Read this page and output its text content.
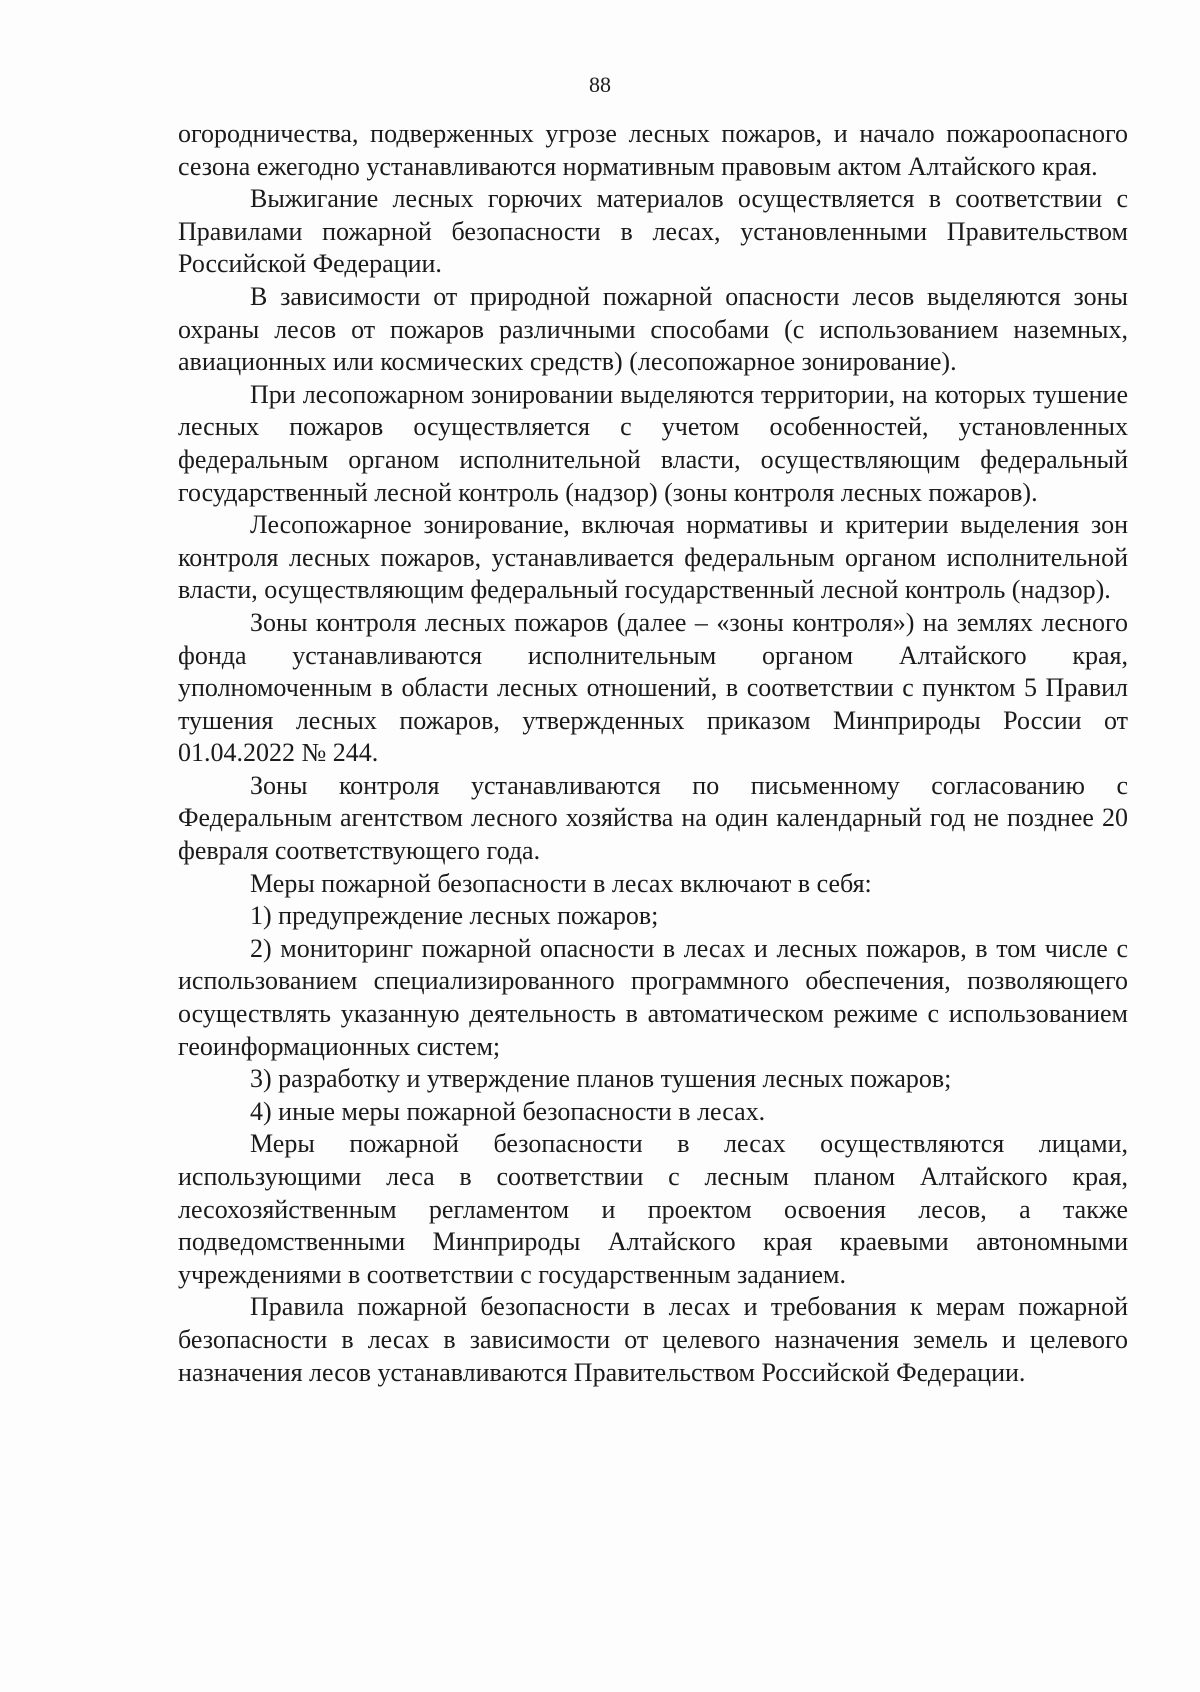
88

огородничества, подверженных угрозе лесных пожаров, и начало пожароопасного сезона ежегодно устанавливаются нормативным правовым актом Алтайского края.

Выжигание лесных горючих материалов осуществляется в соответствии с Правилами пожарной безопасности в лесах, установленными Правительством Российской Федерации.

В зависимости от природной пожарной опасности лесов выделяются зоны охраны лесов от пожаров различными способами (с использованием наземных, авиационных или космических средств) (лесопожарное зонирование).

При лесопожарном зонировании выделяются территории, на которых тушение лесных пожаров осуществляется с учетом особенностей, установленных федеральным органом исполнительной власти, осуществляющим федеральный государственный лесной контроль (надзор) (зоны контроля лесных пожаров).

Лесопожарное зонирование, включая нормативы и критерии выделения зон контроля лесных пожаров, устанавливается федеральным органом исполнительной власти, осуществляющим федеральный государственный лесной контроль (надзор).

Зоны контроля лесных пожаров (далее – «зоны контроля») на землях лесного фонда устанавливаются исполнительным органом Алтайского края, уполномоченным в области лесных отношений, в соответствии с пунктом 5 Правил тушения лесных пожаров, утвержденных приказом Минприроды России от 01.04.2022 № 244.

Зоны контроля устанавливаются по письменному согласованию с Федеральным агентством лесного хозяйства на один календарный год не позднее 20 февраля соответствующего года.

Меры пожарной безопасности в лесах включают в себя:

1) предупреждение лесных пожаров;

2) мониторинг пожарной опасности в лесах и лесных пожаров, в том числе с использованием специализированного программного обеспечения, позволяющего осуществлять указанную деятельность в автоматическом режиме с использованием геоинформационных систем;

3) разработку и утверждение планов тушения лесных пожаров;

4) иные меры пожарной безопасности в лесах.

Меры пожарной безопасности в лесах осуществляются лицами, использующими леса в соответствии с лесным планом Алтайского края, лесохозяйственным регламентом и проектом освоения лесов, а также подведомственными Минприроды Алтайского края краевыми автономными учреждениями в соответствии с государственным заданием.

Правила пожарной безопасности в лесах и требования к мерам пожарной безопасности в лесах в зависимости от целевого назначения земель и целевого назначения лесов устанавливаются Правительством Российской Федерации.
